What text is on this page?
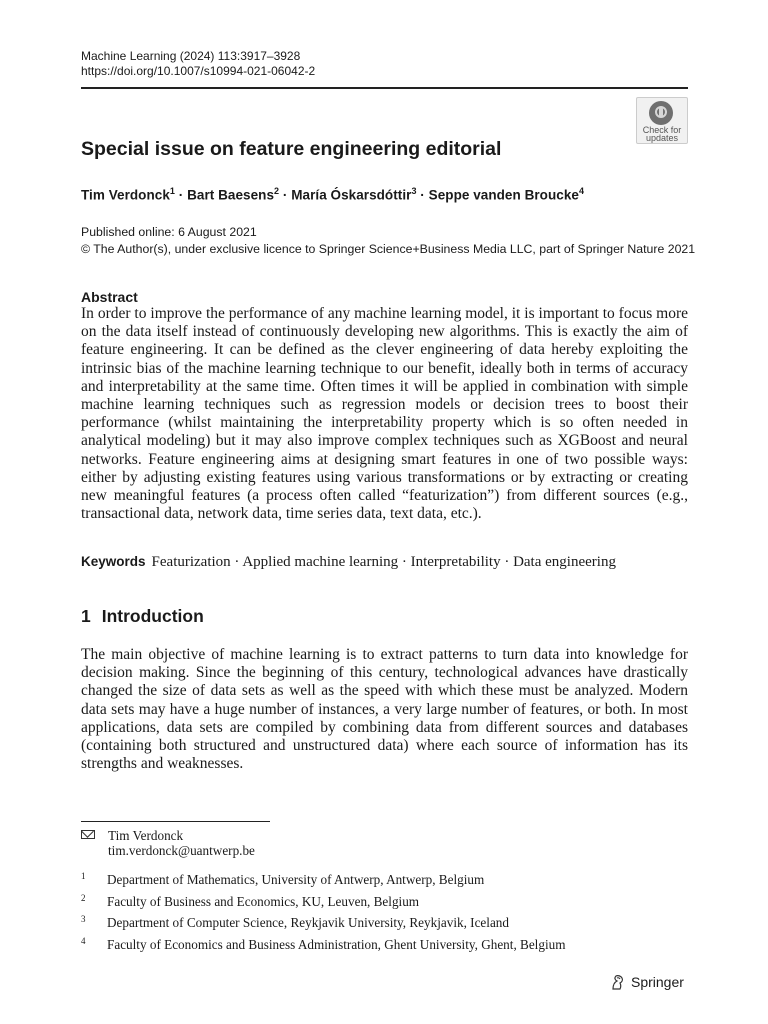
Machine Learning (2024) 113:3917–3928
https://doi.org/10.1007/s10994-021-06042-2
Check for
updates
Special issue on feature engineering editorial
Tim Verdonck$^1$ · Bart Baesens$^2$ · María Óskarsdóttir$^3$ · Seppe vanden Broucke$^4$
Published online: 6 August 2021
© The Author(s), under exclusive licence to Springer Science+Business Media LLC, part of Springer Nature 2021
Abstract
In order to improve the performance of any machine learning model, it is important to focus more on the data itself instead of continuously developing new algorithms. This is exactly the aim of feature engineering. It can be defined as the clever engineering of data hereby exploiting the intrinsic bias of the machine learning technique to our benefit, ideally both in terms of accuracy and interpretability at the same time. Often times it will be applied in combination with simple machine learning techniques such as regression models or decision trees to boost their performance (whilst maintaining the interpretability property which is so often needed in analytical modeling) but it may also improve complex techniques such as XGBoost and neural networks. Feature engineering aims at designing smart features in one of two possible ways: either by adjusting existing features using various transformations or by extracting or creating new meaningful features (a process often called “featurization”) from different sources (e.g., transactional data, network data, time series data, text data, etc.).
Keywords Featurization · Applied machine learning · Interpretability · Data engineering
1 Introduction
The main objective of machine learning is to extract patterns to turn data into knowledge for decision making. Since the beginning of this century, technological advances have drastically changed the size of data sets as well as the speed with which these must be analyzed. Modern data sets may have a huge number of instances, a very large number of features, or both. In most applications, data sets are compiled by combining data from different sources and databases (containing both structured and unstructured data) where each source of information has its strengths and weaknesses.
Tim Verdonck
tim.verdonck@uantwerp.be
1 Department of Mathematics, University of Antwerp, Antwerp, Belgium
2 Faculty of Business and Economics, KU, Leuven, Belgium
3 Department of Computer Science, Reykjavik University, Reykjavik, Iceland
4 Faculty of Economics and Business Administration, Ghent University, Ghent, Belgium
Springer
